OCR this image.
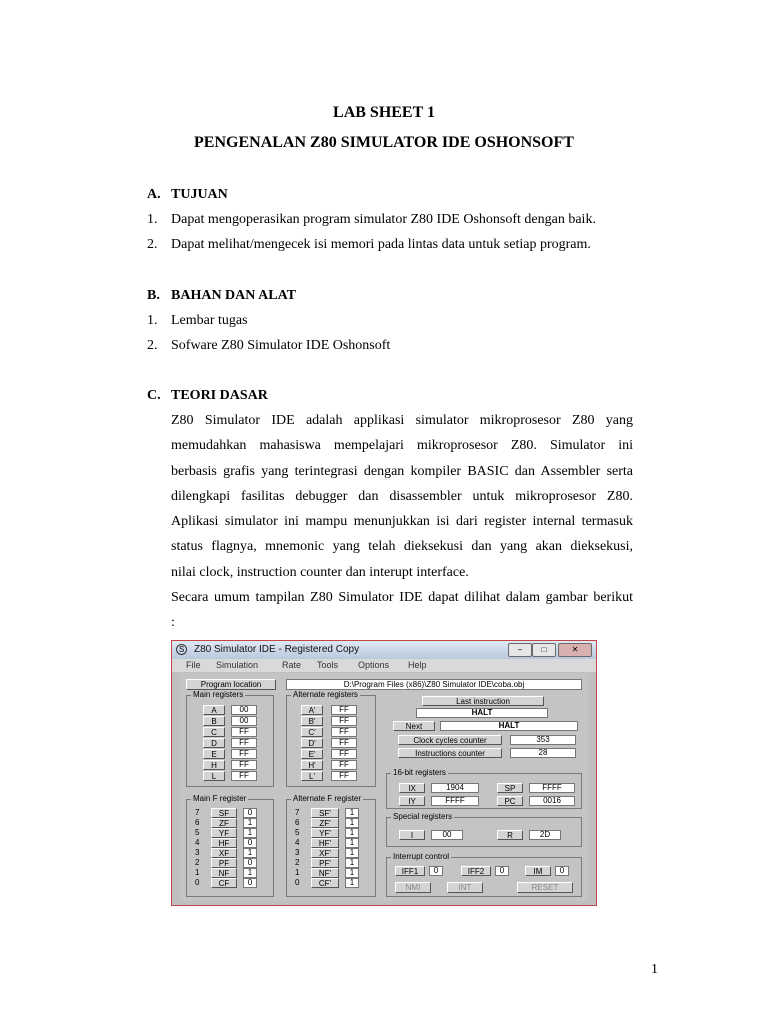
LAB SHEET 1
PENGENALAN Z80 SIMULATOR IDE OSHONSOFT
A. TUJUAN
1. Dapat mengoperasikan program simulator Z80 IDE Oshonsoft dengan baik.
2. Dapat melihat/mengecek isi memori pada lintas data untuk setiap program.
B. BAHAN DAN ALAT
1. Lembar tugas
2. Sofware Z80 Simulator IDE Oshonsoft
C. TEORI DASAR
Z80 Simulator IDE adalah applikasi simulator mikroprosesor Z80 yang
memudahkan mahasiswa mempelajari mikroprosesor Z80. Simulator ini
berbasis grafis yang terintegrasi dengan kompiler BASIC dan Assembler serta
dilengkapi fasilitas debugger dan disassembler untuk mikroprosesor Z80.
Aplikasi simulator ini mampu menunjukkan isi dari register internal termasuk
status flagnya, mnemonic yang telah dieksekusi dan yang akan dieksekusi,
nilai clock, instruction counter dan interupt interface.
Secara umum tampilan Z80 Simulator IDE dapat dilihat dalam gambar berikut
:
S Z80 Simulator IDE - Registered Copy	–	□	✕
File Simulation	Rate Tools Options Help
Program location	D:\Program Files (x86)\Z80 Simulator IDE\coba.obj
Main registers
A	00
B	00
C	FF
D	FF
E	FF
H	FF
L	FF
Alternate registers
A'	FF
B'	FF
C'	FF
D'	FF
E'	FF
H'	FF
L'	FF
Last instruction
HALT
Next	HALT
Clock cycles counter	353
Instructions counter	28
16-bit registers
IX	1904	SP	FFFF
IY	FFFF	PC	0016
Special registers
I	00	R	2D
Interrupt control
IFF1	0	IFF2	0	IM	0
NMI	INT	RESET
Main F register
7	SF	0
6	ZF	1
5	YF	1
4	HF	0
3	XF	1
2	PF	0
1	NF	1
0	CF	0
Alternate F register
7	SF'	1
6	ZF'	1
5	YF'	1
4	HF'	1
3	XF'	1
2	PF'	1
1	NF'	1
0	CF'	1
1
